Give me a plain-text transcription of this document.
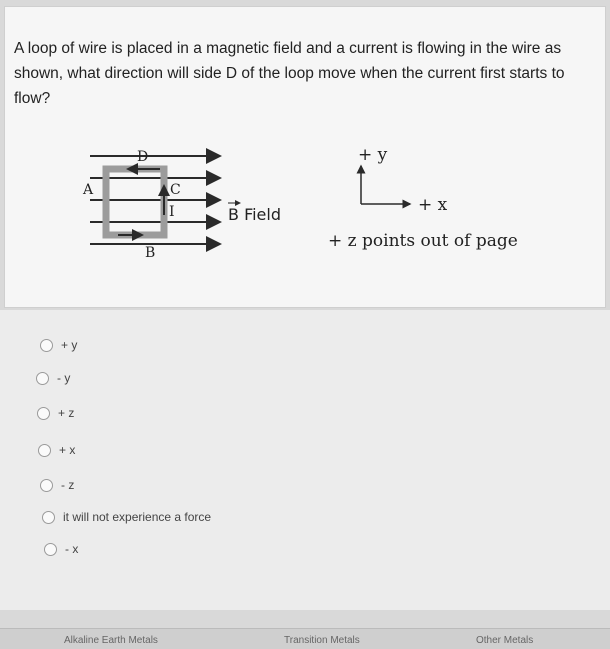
A loop of wire is placed in a magnetic field and a current is flowing in the wire as shown, what direction will side D of the loop move when the current first starts to flow?
D
A	C
I
B
B Field
+ y
+ x
+ z points out of page
+ y
- y
+ z
+ x
- z
it will not experience a force
- x
Alkaline Earth Metals	Transition Metals	Other Metals
